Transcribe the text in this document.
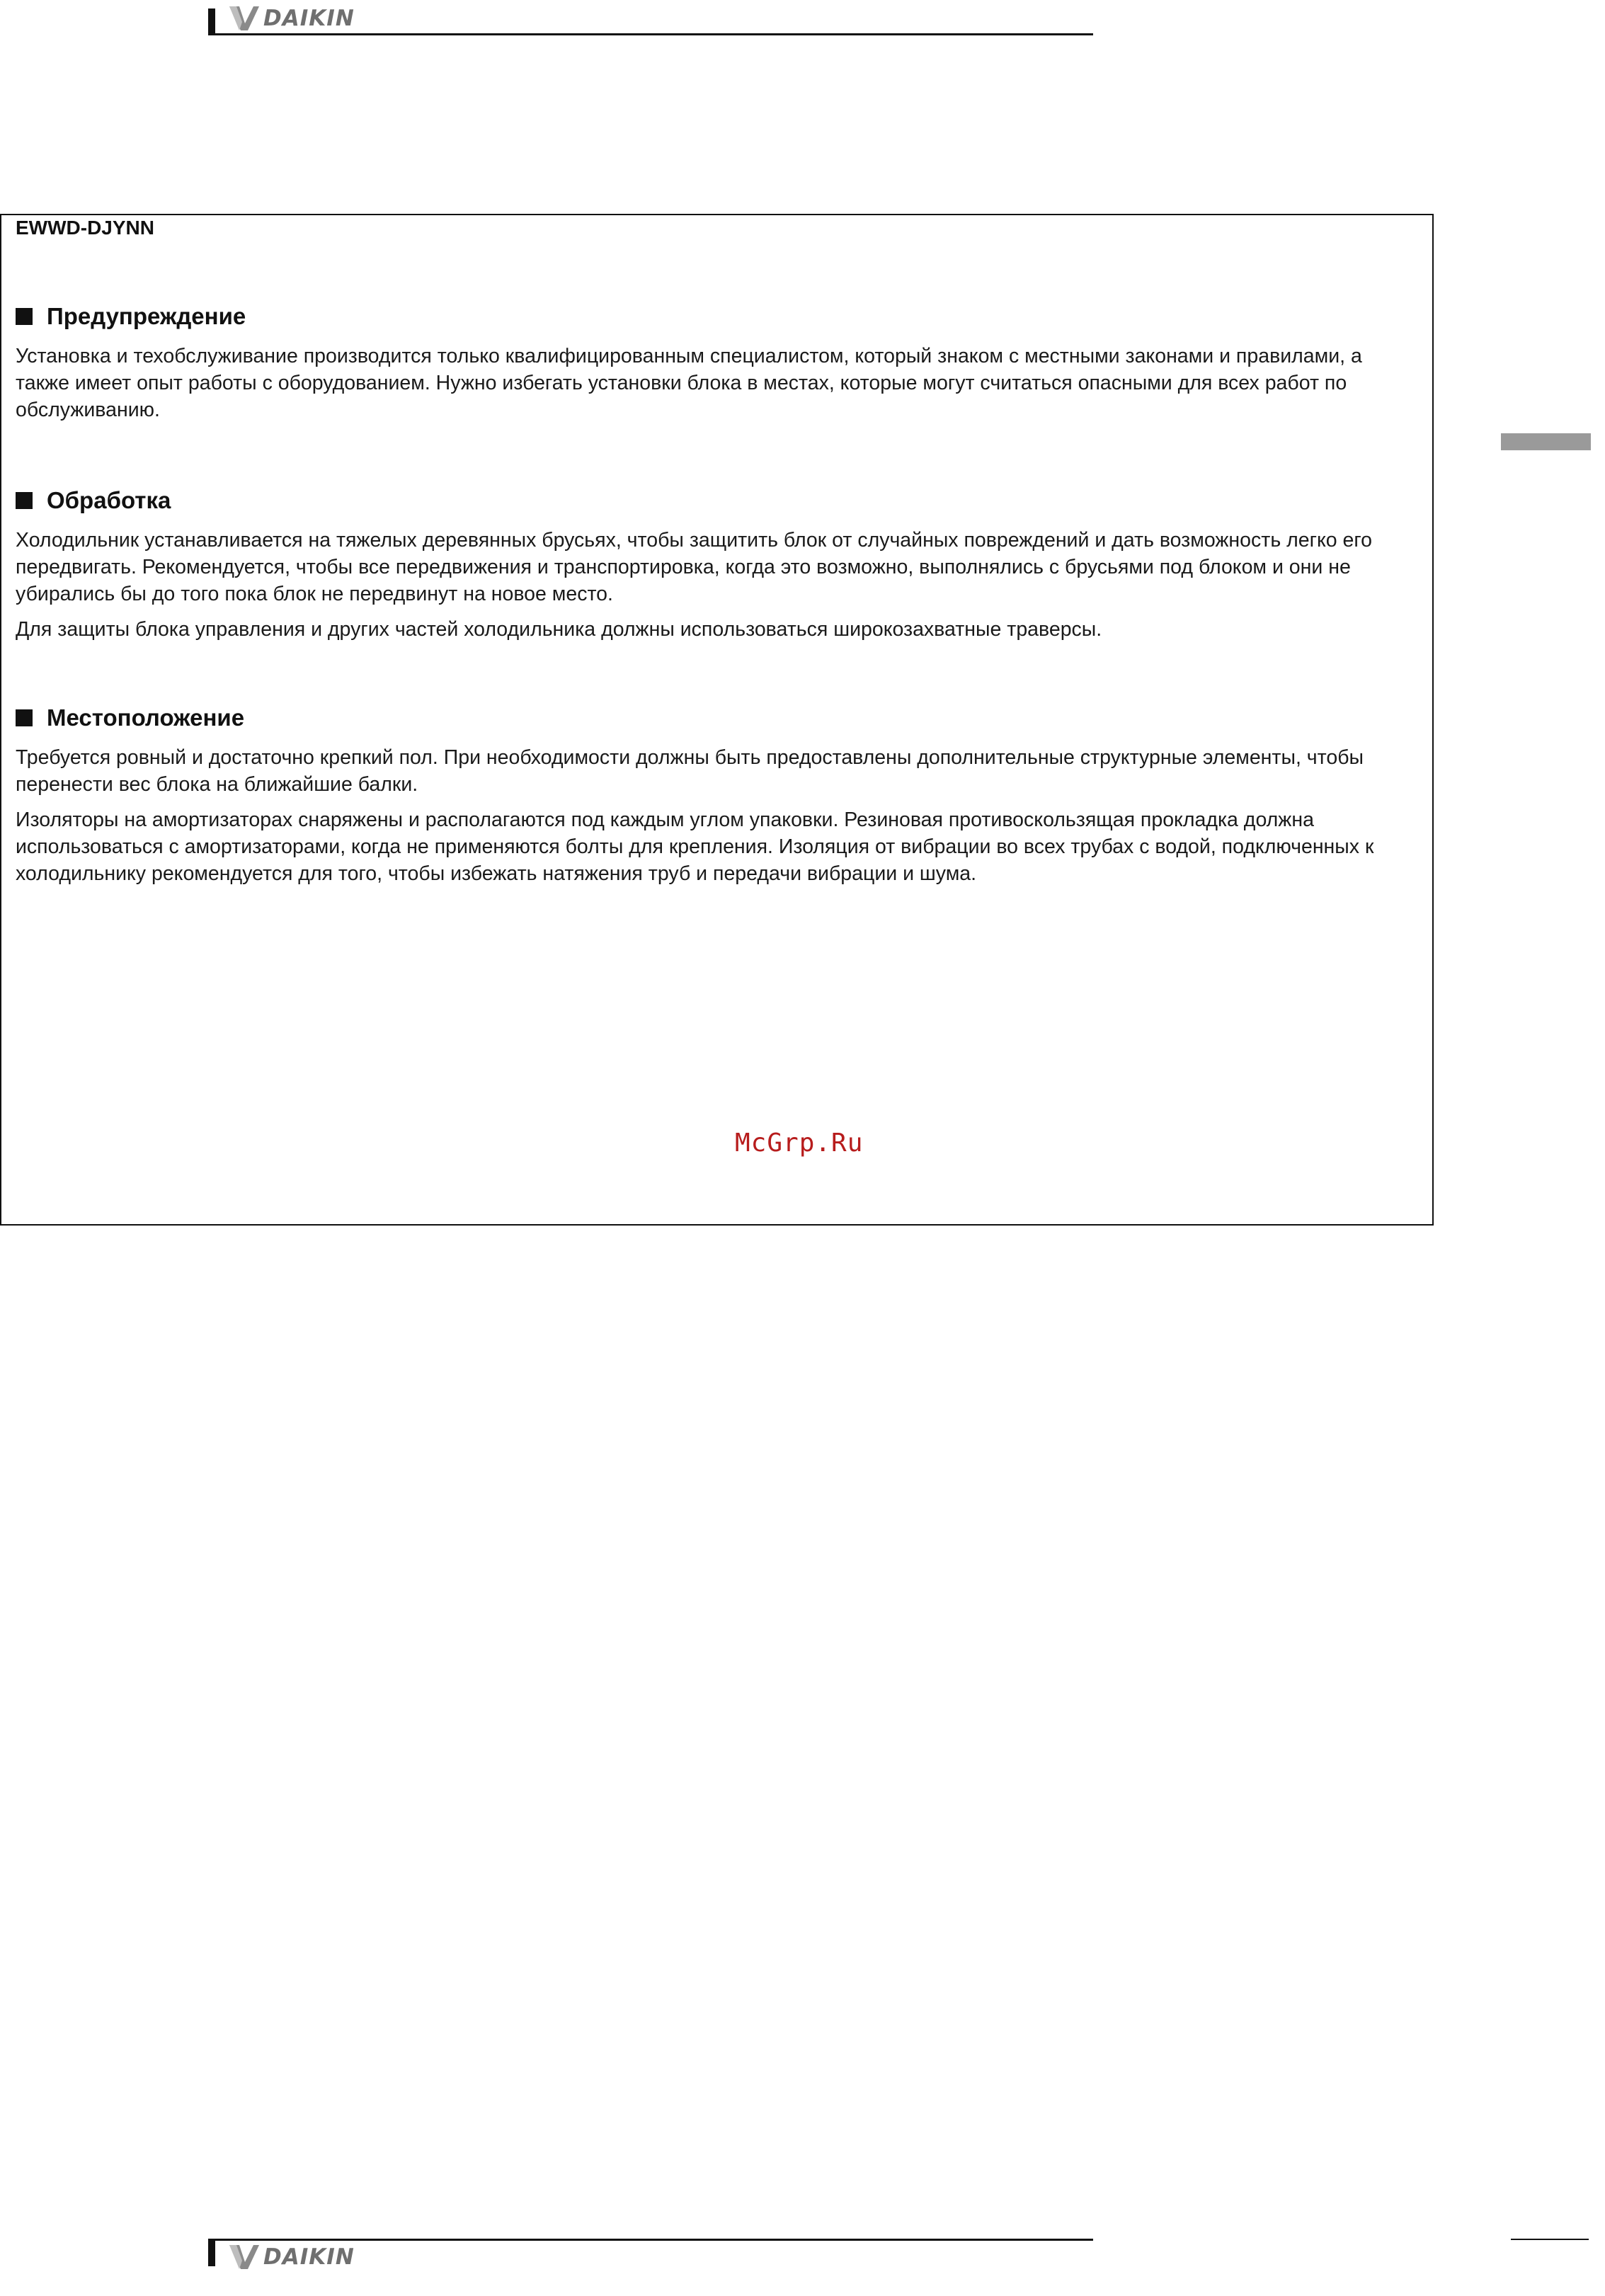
DAIKIN
EWWD-DJYNN
Предупреждение

Установка и техобслуживание производится только квалифицированным специалистом, который знаком с местными законами и правилами, а также имеет опыт работы с оборудованием. Нужно избегать установки блока в местах, которые могут считаться опасными для всех работ по обслуживанию.

Обработка

Холодильник устанавливается на тяжелых деревянных брусьях, чтобы защитить блок от случайных повреждений и дать возможность легко его передвигать. Рекомендуется, чтобы все передвижения и транспортировка, когда это возможно, выполнялись с брусьями под блоком и они не убирались бы до того пока блок не передвинут на новое место.

Для защиты блока управления и других частей холодильника должны использоваться широкозахватные траверсы.

Местоположение

Требуется ровный и достаточно крепкий пол. При необходимости должны быть предоставлены дополнительные структурные элементы, чтобы перенести вес блока на ближайшие балки.

Изоляторы на амортизаторах снаряжены и располагаются под каждым углом упаковки. Резиновая противоскользящая прокладка должна использоваться с амортизаторами, когда не применяются болты для крепления. Изоляция от вибрации во всех трубах с водой, подключенных к холодильнику рекомендуется для того, чтобы избежать натяжения труб и передачи вибрации и шума.

McGrp.Ru
DAIKIN
